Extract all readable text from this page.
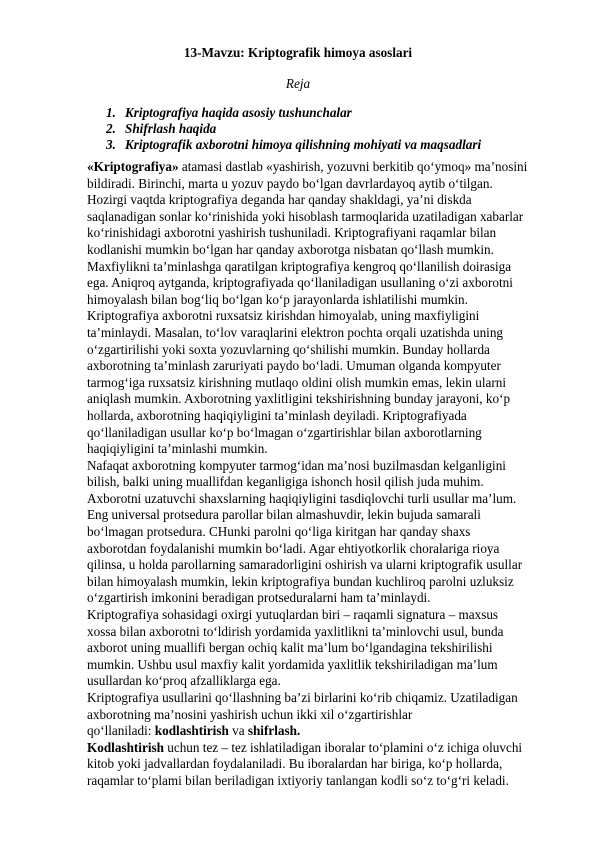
13-Mavzu: Kriptografik himoya asoslari
Reja
1. Kriptografiya haqida asosiy tushunchalar
2. Shifrlash haqida
3. Kriptografik axborotni himoya qilishning mohiyati va maqsadlari
«Kriptografiya» atamasi dastlab «yashirish, yozuvni berkitib qo‘ymoq» ma’nosini
bildiradi. Birinchi, marta u yozuv paydo bo‘lgan davrlardayoq aytib o‘tilgan.
Hozirgi vaqtda kriptografiya deganda har qanday shakldagi, ya’ni diskda
saqlanadigan sonlar ko‘rinishida yoki hisoblash tarmoqlarida uzatiladigan xabarlar
ko‘rinishidagi axborotni yashirish tushuniladi. Kriptografiyani raqamlar bilan
kodlanishi mumkin bo‘lgan har qanday axborotga nisbatan qo‘llash mumkin.
Maxfiylikni ta’minlashga qaratilgan kriptografiya kengroq qo‘llanilish doirasiga
ega. Aniqroq aytganda, kriptografiyada qo‘llaniladigan usullaning o‘zi axborotni
himoyalash bilan bog‘liq bo‘lgan ko‘p jarayonlarda ishlatilishi mumkin.
Kriptografiya axborotni ruxsatsiz kirishdan himoyalab, uning maxfiyligini
ta’minlaydi. Masalan, to‘lov varaqlarini elektron pochta orqali uzatishda uning
o‘zgartirilishi yoki soxta yozuvlarning qo‘shilishi mumkin. Bunday hollarda
axborotning ta’minlash zaruriyati paydo bo‘ladi. Umuman olganda kompyuter
tarmog‘iga ruxsatsiz kirishning mutlaqo oldini olish mumkin emas, lekin ularni
aniqlash mumkin. Axborotning yaxlitligini tekshirishning bunday jarayoni, ko‘p
hollarda, axborotning haqiqiyligini ta’minlash deyiladi. Kriptografiyada
qo‘llaniladigan usullar ko‘p bo‘lmagan o‘zgartirishlar bilan axborotlarning
haqiqiyligini ta’minlashi mumkin.
Nafaqat axborotning kompyuter tarmog‘idan ma’nosi buzilmasdan kelganligini
bilish, balki uning muallifdan keganligiga ishonch hosil qilish juda muhim.
Axborotni uzatuvchi shaxslarning haqiqiyligini tasdiqlovchi turli usullar ma’lum.
Eng universal protsedura parollar bilan almashuvdir, lekin bujuda samarali
bo‘lmagan protsedura. CHunki parolni qo‘liga kiritgan har qanday shaxs
axborotdan foydalanishi mumkin bo‘ladi. Agar ehtiyotkorlik choralariga rioya
qilinsa, u holda parollarning samaradorligini oshirish va ularni kriptografik usullar
bilan himoyalash mumkin, lekin kriptografiya bundan kuchliroq parolni uzluksiz
o‘zgartirish imkonini beradigan protseduralarni ham ta’minlaydi.
Kriptografiya sohasidagi oxirgi yutuqlardan biri – raqamli signatura – maxsus
xossa bilan axborotni to‘ldirish yordamida yaxlitlikni ta’minlovchi usul, bunda
axborot uning muallifi bergan ochiq kalit ma’lum bo‘lgandagina tekshirilishi
mumkin. Ushbu usul maxfiy kalit yordamida yaxlitlik tekshiriladigan ma’lum
usullardan ko‘proq afzalliklarga ega.
Kriptografiya usullarini qo‘llashning ba’zi birlarini ko‘rib chiqamiz. Uzatiladigan
axborotning ma’nosini yashirish uchun ikki xil o‘zgartirishlar
qo‘llaniladi: kodlashtirish va shifrlash.
Kodlashtirish uchun tez – tez ishlatiladigan iboralar to‘plamini o‘z ichiga oluvchi
kitob yoki jadvallardan foydalaniladi. Bu iboralardan har biriga, ko‘p hollarda,
raqamlar to‘plami bilan beriladigan ixtiyoriy tanlangan kodli so‘z to‘g‘ri keladi.
